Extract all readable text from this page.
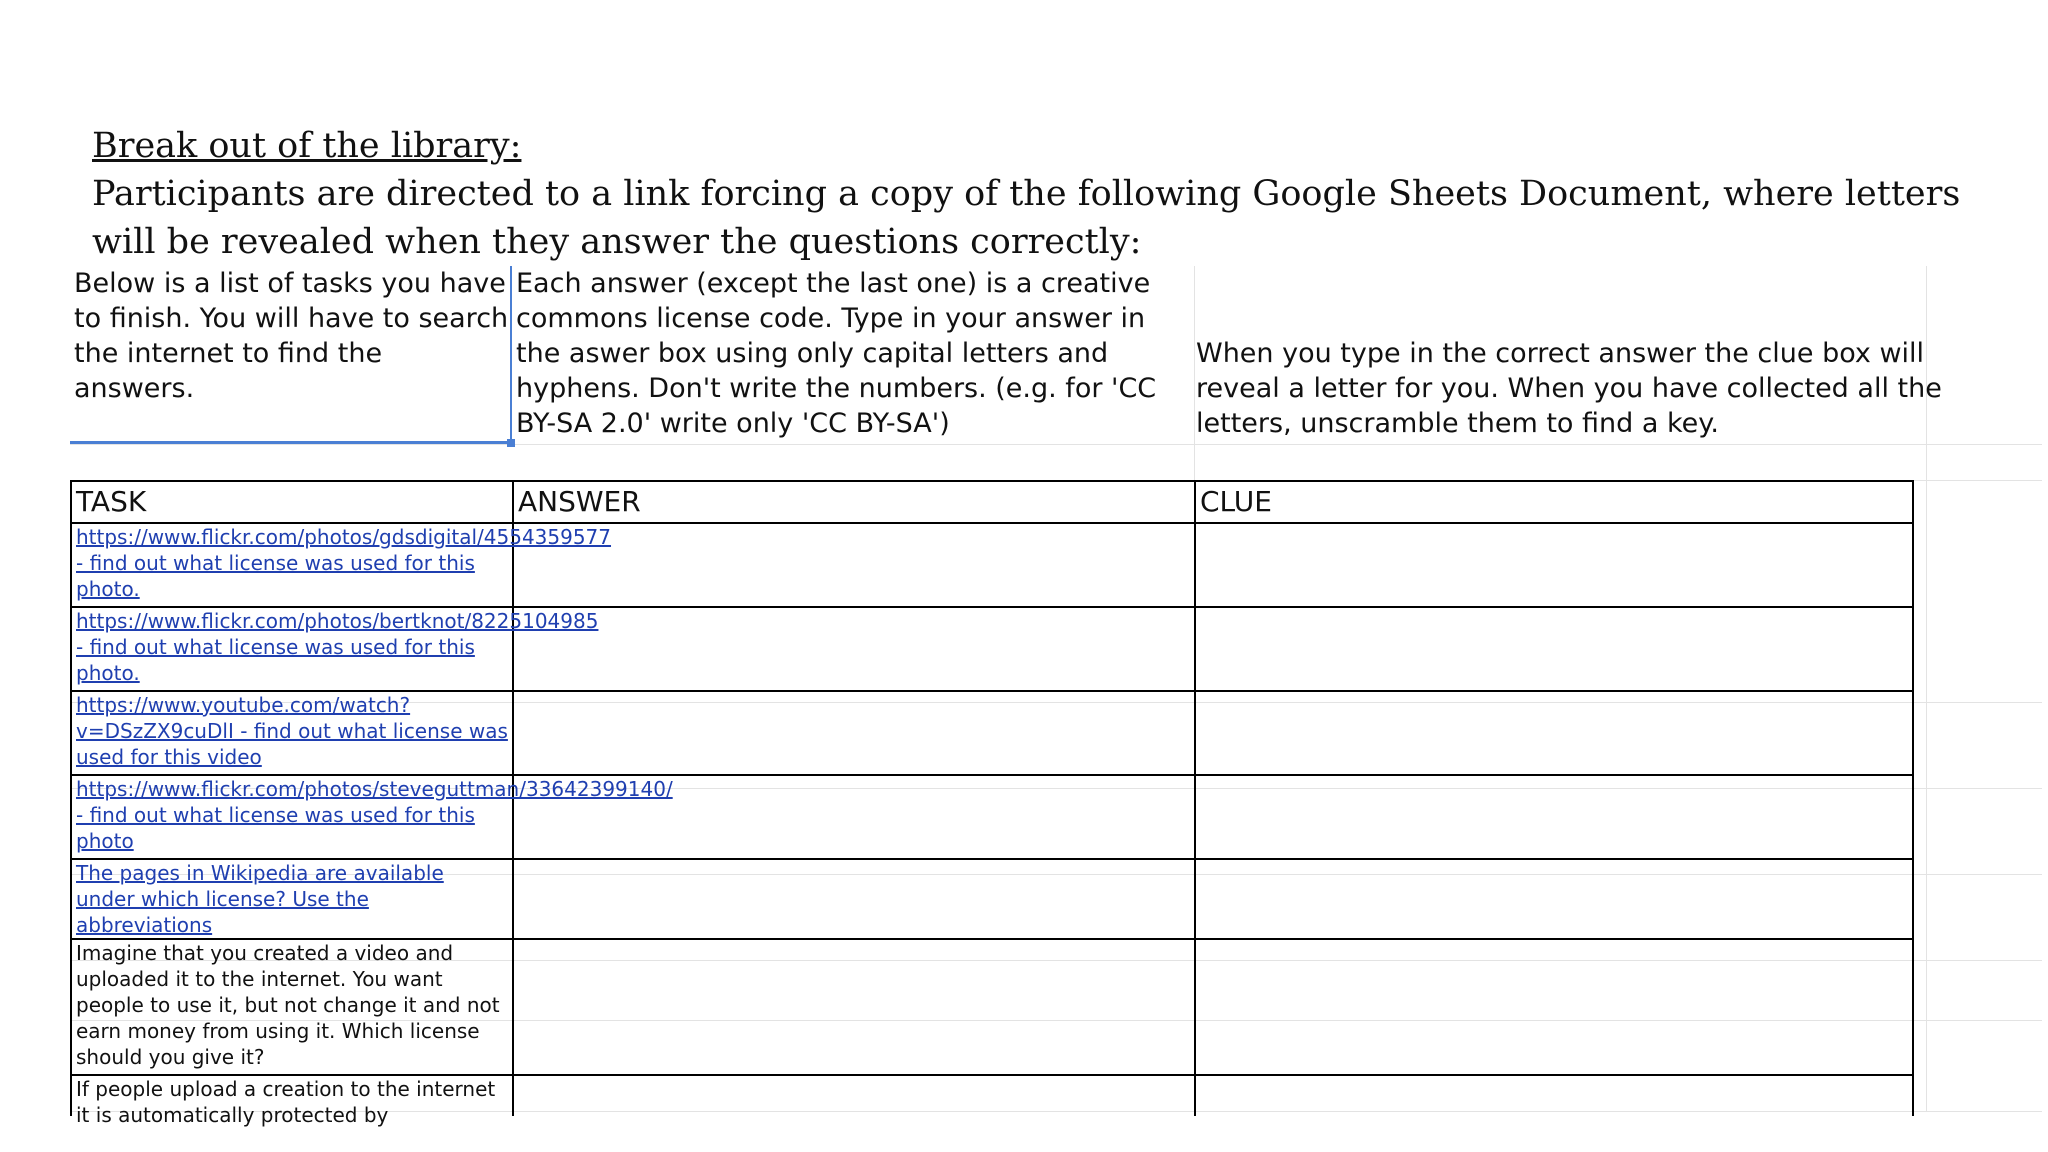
Break out of the library:
Participants are directed to a link forcing a copy of the following Google Sheets Document, where letters will be revealed when they answer the questions correctly:
Below is a list of tasks you have to finish. You will have to search the internet to find the answers.
Each answer (except the last one) is a creative commons license code. Type in your answer in the aswer box using only capital letters and hyphens. Don't write the numbers. (e.g. for 'CC BY-SA 2.0' write only 'CC BY-SA')
When you type in the correct answer the clue box will reveal a letter for you. When you have collected all the letters, unscramble them to find a key.
TASK	ANSWER	CLUE
https://www.flickr.com/photos/gdsdigital/4554359577 - find out what license was used for this photo.		
https://www.flickr.com/photos/bertknot/8225104985 - find out what license was used for this photo.		
https://www.youtube.com/watch?v=DSzZX9cuDlI - find out what license was used for this video		
https://www.flickr.com/photos/steveguttman/33642399140/ - find out what license was used for this photo		
The pages in Wikipedia are available under which license? Use the abbreviations		
Imagine that you created a video and uploaded it to the internet. You want people to use it, but not change it and not earn money from using it. Which license should you give it?		

If people upload a creation to the internet it is automatically protected by		
